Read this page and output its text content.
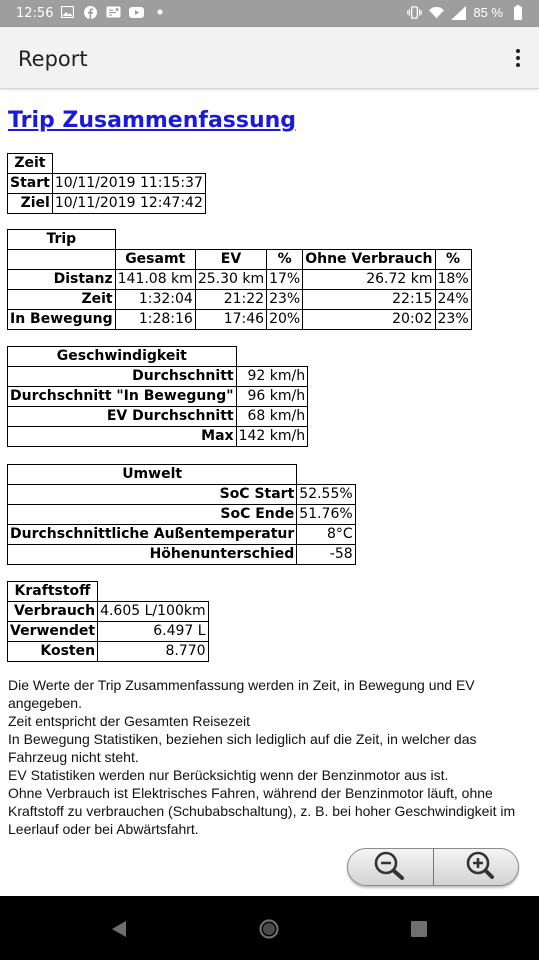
12:56	85 %
Report
Trip Zusammenfassung
Zeit	
Start	10/11/2019 11:15:37
Ziel	10/11/2019 12:47:42
Trip					
	Gesamt	EV	%	Ohne Verbrauch	%
Distanz	141.08 km	25.30 km	17%	26.72 km	18%
Zeit	1:32:04	21:22	23%	22:15	24%
In Bewegung	1:28:16	17:46	20%	20:02	23%
Geschwindigkeit	
Durchschnitt	92 km/h
Durchschnitt "In Bewegung"	96 km/h
EV Durchschnitt	68 km/h
Max	142 km/h
Umwelt	
SoC Start	52.55%
SoC Ende	51.76%
Durchschnittliche Außentemperatur	8°C
Höhenunterschied	-58
Kraftstoff	
Verbrauch	4.605 L/100km
Verwendet	6.497 L
Kosten	8.770

Die Werte der Trip Zusammenfassung werden in Zeit, in Bewegung und EV angegeben.

Zeit entspricht der Gesamten Reisezeit

In Bewegung Statistiken, beziehen sich lediglich auf die Zeit, in welcher das Fahrzeug nicht steht.

EV Statistiken werden nur Berücksichtig wenn der Benzinmotor aus ist.

Ohne Verbrauch ist Elektrisches Fahren, während der Benzinmotor läuft, ohne Kraftstoff zu verbrauchen (Schubabschaltung), z. B. bei hoher Geschwindigkeit im Leerlauf oder bei Abwärtsfahrt.
